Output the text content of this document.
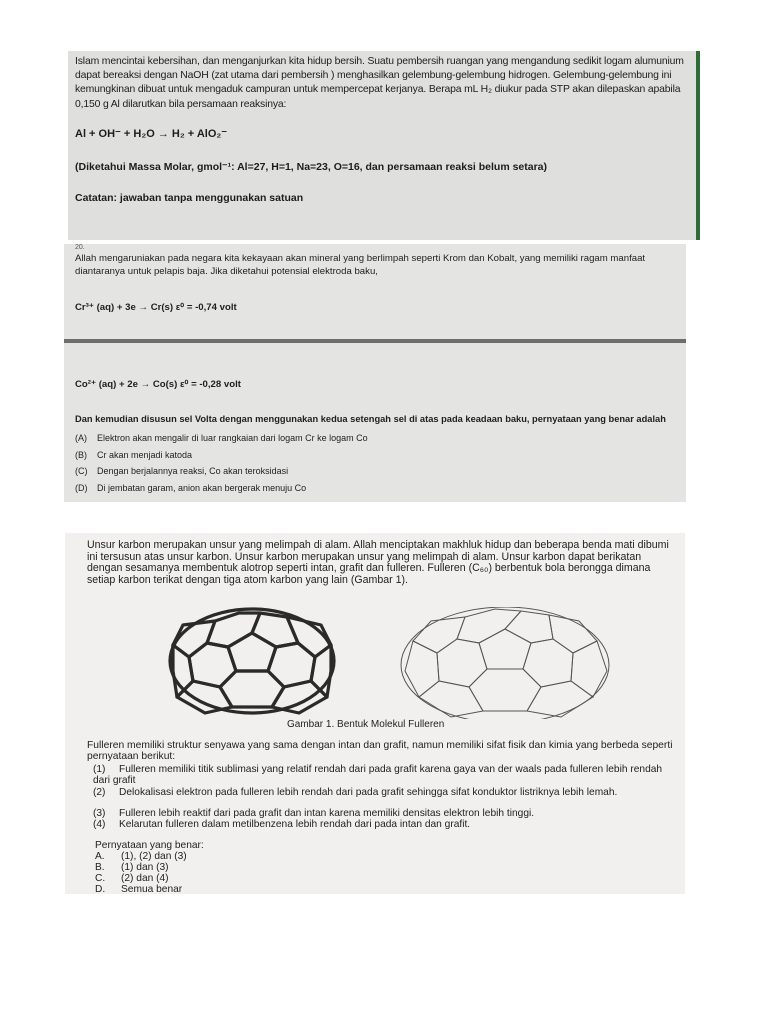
Islam mencintai kebersihan, dan menganjurkan kita hidup bersih. Suatu pembersih ruangan yang mengandung sedikit logam alumunium dapat bereaksi dengan NaOH (zat utama dari pembersih ) menghasilkan gelembung-gelembung hidrogen. Gelembung-gelembung ini kemungkinan dibuat untuk mengaduk campuran untuk mempercepat kerjanya. Berapa mL H₂ diukur pada STP akan dilepaskan apabila 0,150 g Al dilarutkan bila persamaan reaksinya:

Al + OH⁻ + H₂O → H₂ + AlO₂⁻
(Diketahui Massa Molar, gmol⁻¹: Al=27, H=1, Na=23, O=16, dan persamaan reaksi belum setara)
Catatan: jawaban tanpa menggunakan satuan
20.

Allah mengaruniakan pada negara kita kekayaan akan mineral yang berlimpah seperti Krom dan Kobalt, yang memiliki ragam manfaat diantaranya untuk pelapis baja. Jika diketahui potensial elektroda baku,

Cr³⁺ (aq) + 3e → Cr(s) ε⁰ = -0,74 volt
Co²⁺ (aq) + 2e → Co(s) ε⁰ = -0,28 volt
Dan kemudian disusun sel Volta dengan menggunakan kedua setengah sel di atas pada keadaan baku, pernyataan yang benar adalah
(A) Elektron akan mengalir di luar rangkaian dari logam Cr ke logam Co
(B) Cr akan menjadi katoda
(C) Dengan berjalannya reaksi, Co akan teroksidasi
(D) Di jembatan garam, anion akan bergerak menuju Co

Unsur karbon merupakan unsur yang melimpah di alam. Allah menciptakan makhluk hidup dan beberapa benda mati dibumi ini tersusun atas unsur karbon. Unsur karbon merupakan unsur yang melimpah di alam. Unsur karbon dapat berikatan dengan sesamanya membentuk alotrop seperti intan, grafit dan fulleren. Fulleren (C₆₀) berbentuk bola berongga dimana setiap karbon terikat dengan tiga atom karbon yang lain (Gambar 1).

Gambar 1. Bentuk Molekul Fulleren

Fulleren memiliki struktur senyawa yang sama dengan intan dan grafit, namun memiliki sifat fisik dan kimia yang berbeda seperti pernyataan berikut:

(1) Fulleren memiliki titik sublimasi yang relatif rendah dari pada grafit karena gaya van der waals pada fulleren lebih rendah dari grafit
(2) Delokalisasi elektron pada fulleren lebih rendah dari pada grafit sehingga sifat konduktor listriknya lebih lemah.
(3) Fulleren lebih reaktif dari pada grafit dan intan karena memiliki densitas elektron lebih tinggi.
(4) Kelarutan fulleren dalam metilbenzena lebih rendah dari pada intan dan grafit.
Pernyataan yang benar:
A. (1), (2) dan (3)
B. (1) dan (3)
C. (2) dan (4)
D. Semua benar
